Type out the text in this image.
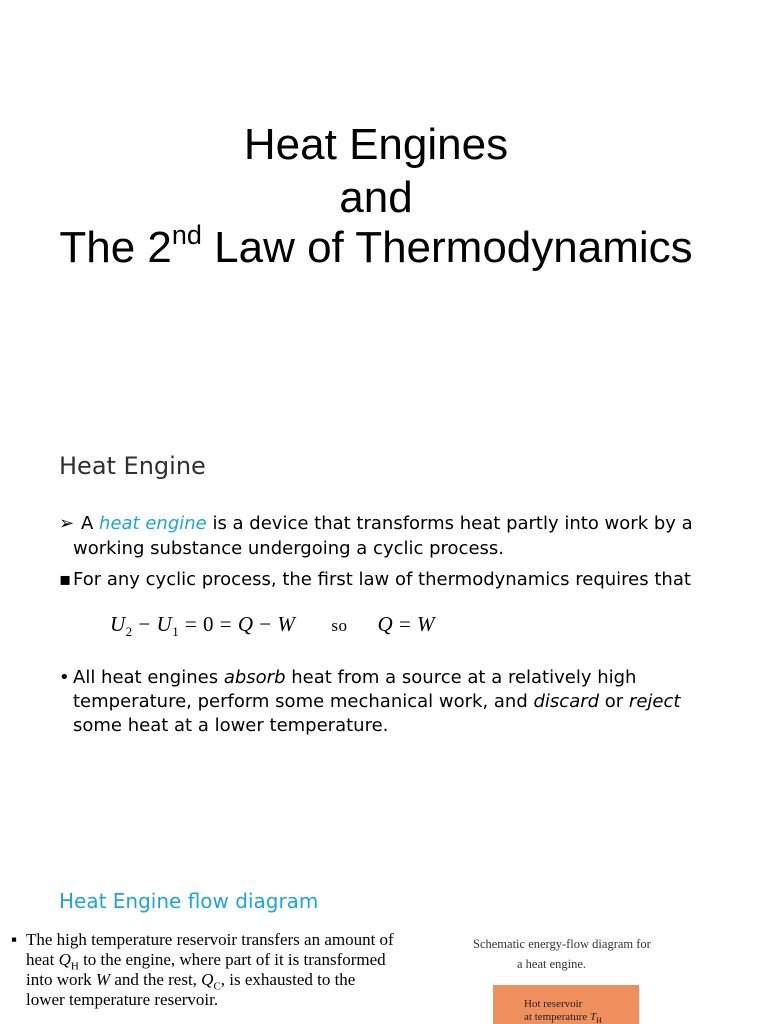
Heat Engines
and
The 2nd Law of Thermodynamics
Heat Engine
➢ A heat engine is a device that transforms heat partly into work by a
working substance undergoing a cyclic process.
▪For any cyclic process, the first law of thermodynamics requires that
$U_2 - U_1 = 0 = Q - W$ so Q = W
• All heat engines absorb heat from a source at a relatively high
temperature, perform some mechanical work, and discard or reject
some heat at a lower temperature.
Heat Engine flow diagram
▪ The high temperature reservoir transfers an amount of
heat $Q_H$ to the engine, where part of it is transformed
into work W and the rest, $Q_C$, is exhausted to the
lower temperature reservoir.
Schematic energy-flow diagram for
a heat engine.
Hot reservoir
at temperature $T_H$
